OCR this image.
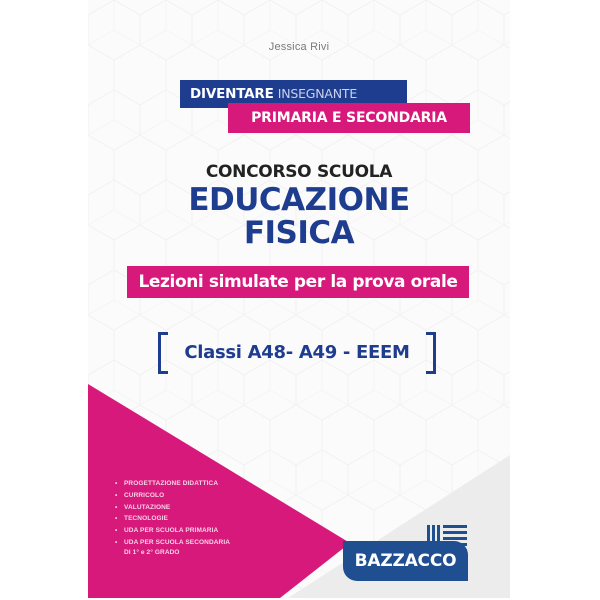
Jessica Rivi
DIVENTARE INSEGNANTE
PRIMARIA E SECONDARIA
CONCORSO SCUOLA
EDUCAZIONE
FISICA
Lezioni simulate per la prova orale
Classi A48- A49 - EEEM
• PROGETTAZIONE DIDATTICA
• CURRICOLO
• VALUTAZIONE
• TECNOLOGIE
• UDA PER SCUOLA PRIMARIA
• UDA PER SCUOLA SECONDARIA
DI 1° e 2° GRADO	BAZZACCO
